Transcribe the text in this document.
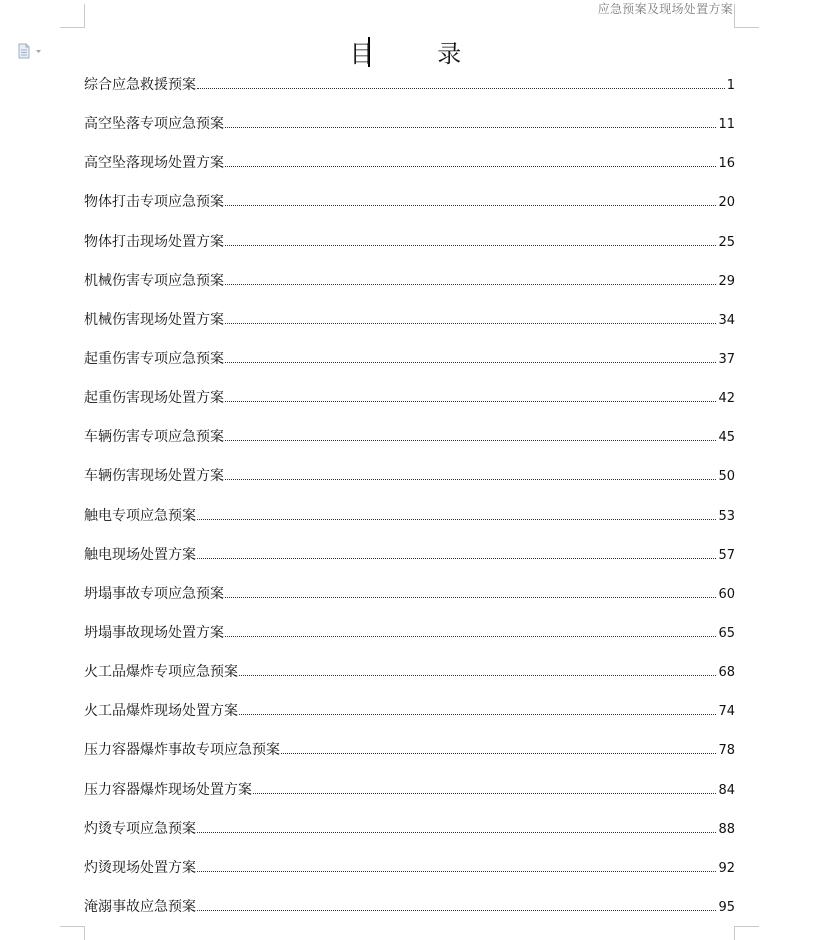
应急预案及现场处置方案
目 录
综合应急救援预案	1
高空坠落专项应急预案	11
高空坠落现场处置方案	16
物体打击专项应急预案	20
物体打击现场处置方案	25
机械伤害专项应急预案	29
机械伤害现场处置方案	34
起重伤害专项应急预案	37
起重伤害现场处置方案	42
车辆伤害专项应急预案	45
车辆伤害现场处置方案	50
触电专项应急预案	53
触电现场处置方案	57
坍塌事故专项应急预案	60
坍塌事故现场处置方案	65
火工品爆炸专项应急预案	68
火工品爆炸现场处置方案	74
压力容器爆炸事故专项应急预案	78
压力容器爆炸现场处置方案	84
灼烫专项应急预案	88
灼烫现场处置方案	92
淹溺事故应急预案	95
